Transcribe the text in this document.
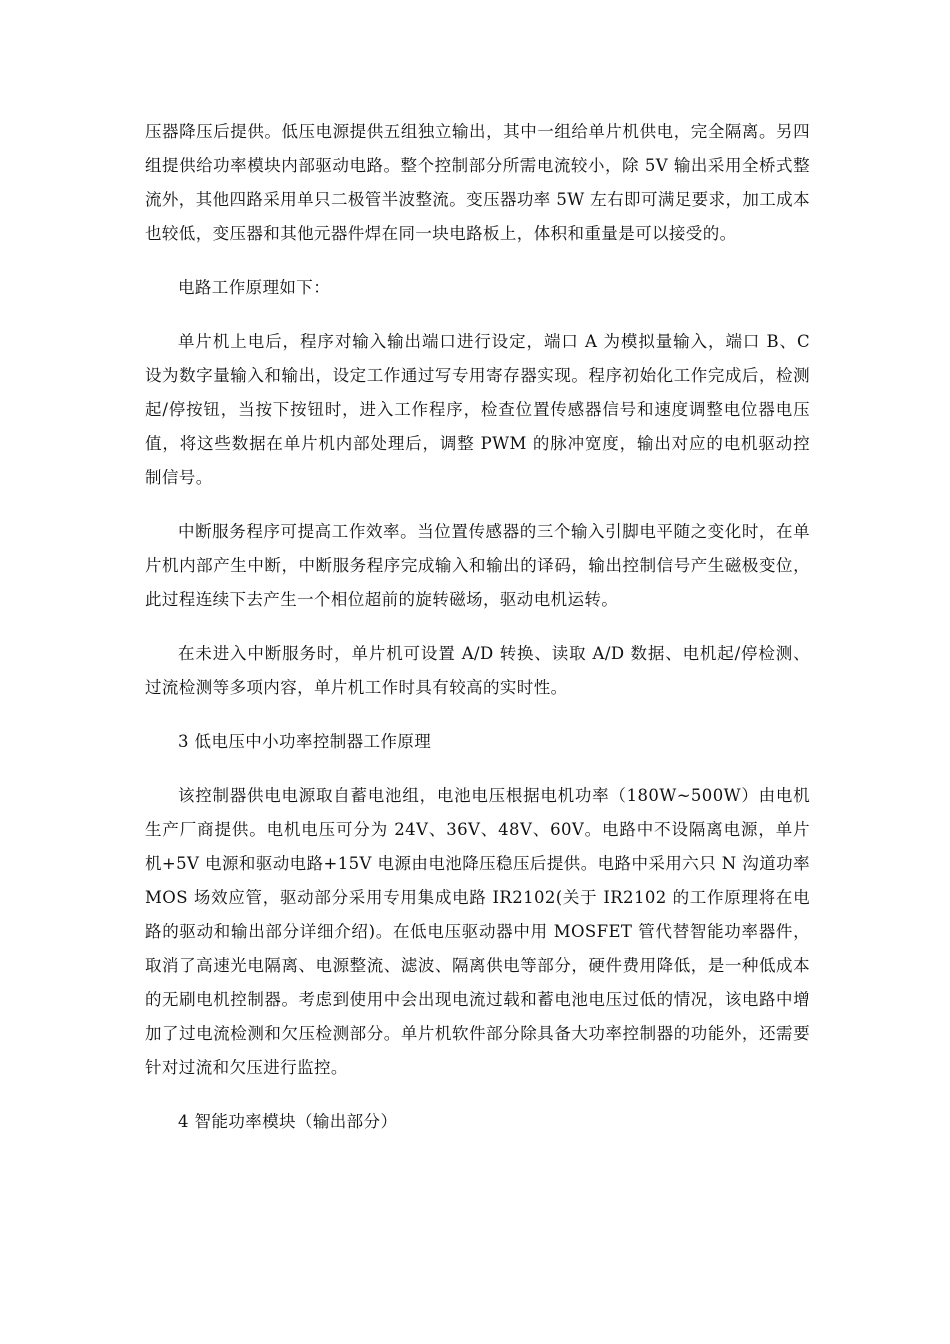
压器降压后提供。低压电源提供五组独立输出，其中一组给单片机供电，完全隔离。另四组提供给功率模块内部驱动电路。整个控制部分所需电流较小，除 5V 输出采用全桥式整流外，其他四路采用单只二极管半波整流。变压器功率 5W 左右即可满足要求，加工成本也较低，变压器和其他元器件焊在同一块电路板上，体积和重量是可以接受的。

电路工作原理如下：

单片机上电后，程序对输入输出端口进行设定，端口 A 为模拟量输入，端口 B、C 设为数字量输入和输出，设定工作通过写专用寄存器实现。程序初始化工作完成后，检测起/停按钮，当按下按钮时，进入工作程序，检查位置传感器信号和速度调整电位器电压值，将这些数据在单片机内部处理后，调整 PWM 的脉冲宽度，输出对应的电机驱动控制信号。

中断服务程序可提高工作效率。当位置传感器的三个输入引脚电平随之变化时，在单片机内部产生中断，中断服务程序完成输入和输出的译码，输出控制信号产生磁极变位，此过程连续下去产生一个相位超前的旋转磁场，驱动电机运转。

在未进入中断服务时，单片机可设置 A/D 转换、读取 A/D 数据、电机起/停检测、过流检测等多项内容，单片机工作时具有较高的实时性。

3 低电压中小功率控制器工作原理

该控制器供电电源取自蓄电池组，电池电压根据电机功率（180W~500W）由电机生产厂商提供。电机电压可分为 24V、36V、48V、60V。电路中不设隔离电源，单片机+5V 电源和驱动电路+15V 电源由电池降压稳压后提供。电路中采用六只 N 沟道功率 MOS 场效应管，驱动部分采用专用集成电路 IR2102(关于 IR2102 的工作原理将在电路的驱动和输出部分详细介绍)。在低电压驱动器中用 MOSFET 管代替智能功率器件，取消了高速光电隔离、电源整流、滤波、隔离供电等部分，硬件费用降低，是一种低成本的无刷电机控制器。考虑到使用中会出现电流过载和蓄电池电压过低的情况，该电路中增加了过电流检测和欠压检测部分。单片机软件部分除具备大功率控制器的功能外，还需要针对过流和欠压进行监控。

4 智能功率模块（输出部分）
